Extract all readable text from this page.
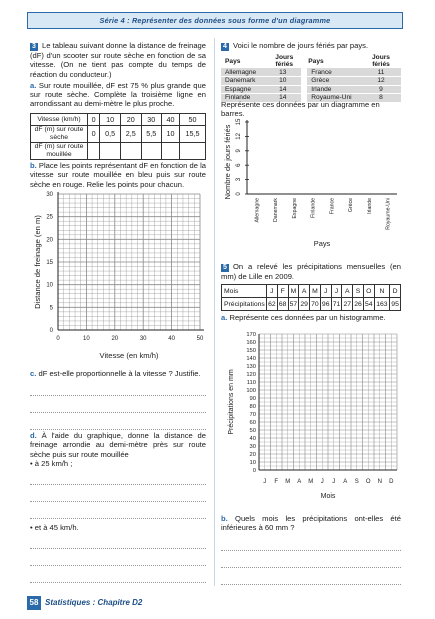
Série 4 : Représenter des données sous forme d'un diagramme

3 Le tableau suivant donne la distance de freinage (dF) d'un scooter sur route sèche en fonction de sa vitesse. (On ne tient pas compte du temps de réaction du conducteur.)

a. Sur route mouillée, dF est 75 % plus grande que sur route sèche. Complète la troisième ligne en arrondissant au demi-mètre le plus proche.

Vitesse (km/h)	0	10	20	30	40	50
dF (m) sur route sèche	0	0,5	2,5	5,5	10	15,5
dF (m) sur route mouillée						

b. Place les points représentant dF en fonction de la vitesse sur route mouillée en bleu puis sur route sèche en rouge. Relie les points pour chacun.

0	10	20	30	40	50
0
5
10
15
20
25
30
Vitesse (en km/h)
Distance de freinage (en m)

c. dF est-elle proportionnelle à la vitesse ? Justifie.

d. À l'aide du graphique, donne la distance de freinage arrondie au demi-mètre près sur route sèche puis sur route mouillée

• à 25 km/h ;

• et à 45 km/h.

4 Voici le nombre de jours fériés par pays.

Pays	Jours fériés	Pays	Jours fériés
Allemagne	13	France	11
Danemark	10	Grèce	12
Espagne	14	Irlande	9
Finlande	14	Royaume-Uni	8

Représente ces données par un diagramme en barres.

0
3
6
9
12
15
Allemagne Danemark Espagne Finlande France Grèce Irlande Royaume-Uni
Pays
Nombre de jours fériés

5 On a relevé les précipitations mensuelles (en mm) de Lille en 2009.

Mois	J	F	M	A	M	J	J	A	S	O	N	D
Précipitations	62	68	57	29	70	96	71	27	26	54	163	95

a. Représente ces données par un histogramme.

0
10
20
30
40
50
60
70
80
90
100
110
120
130
140
150
160
170
J F M A M J J A S O N D
Mois
Précipitations en mm

b. Quels mois les précipitations ont-elles été inférieures à 60 mm ?

58 Statistiques : Chapitre D2
